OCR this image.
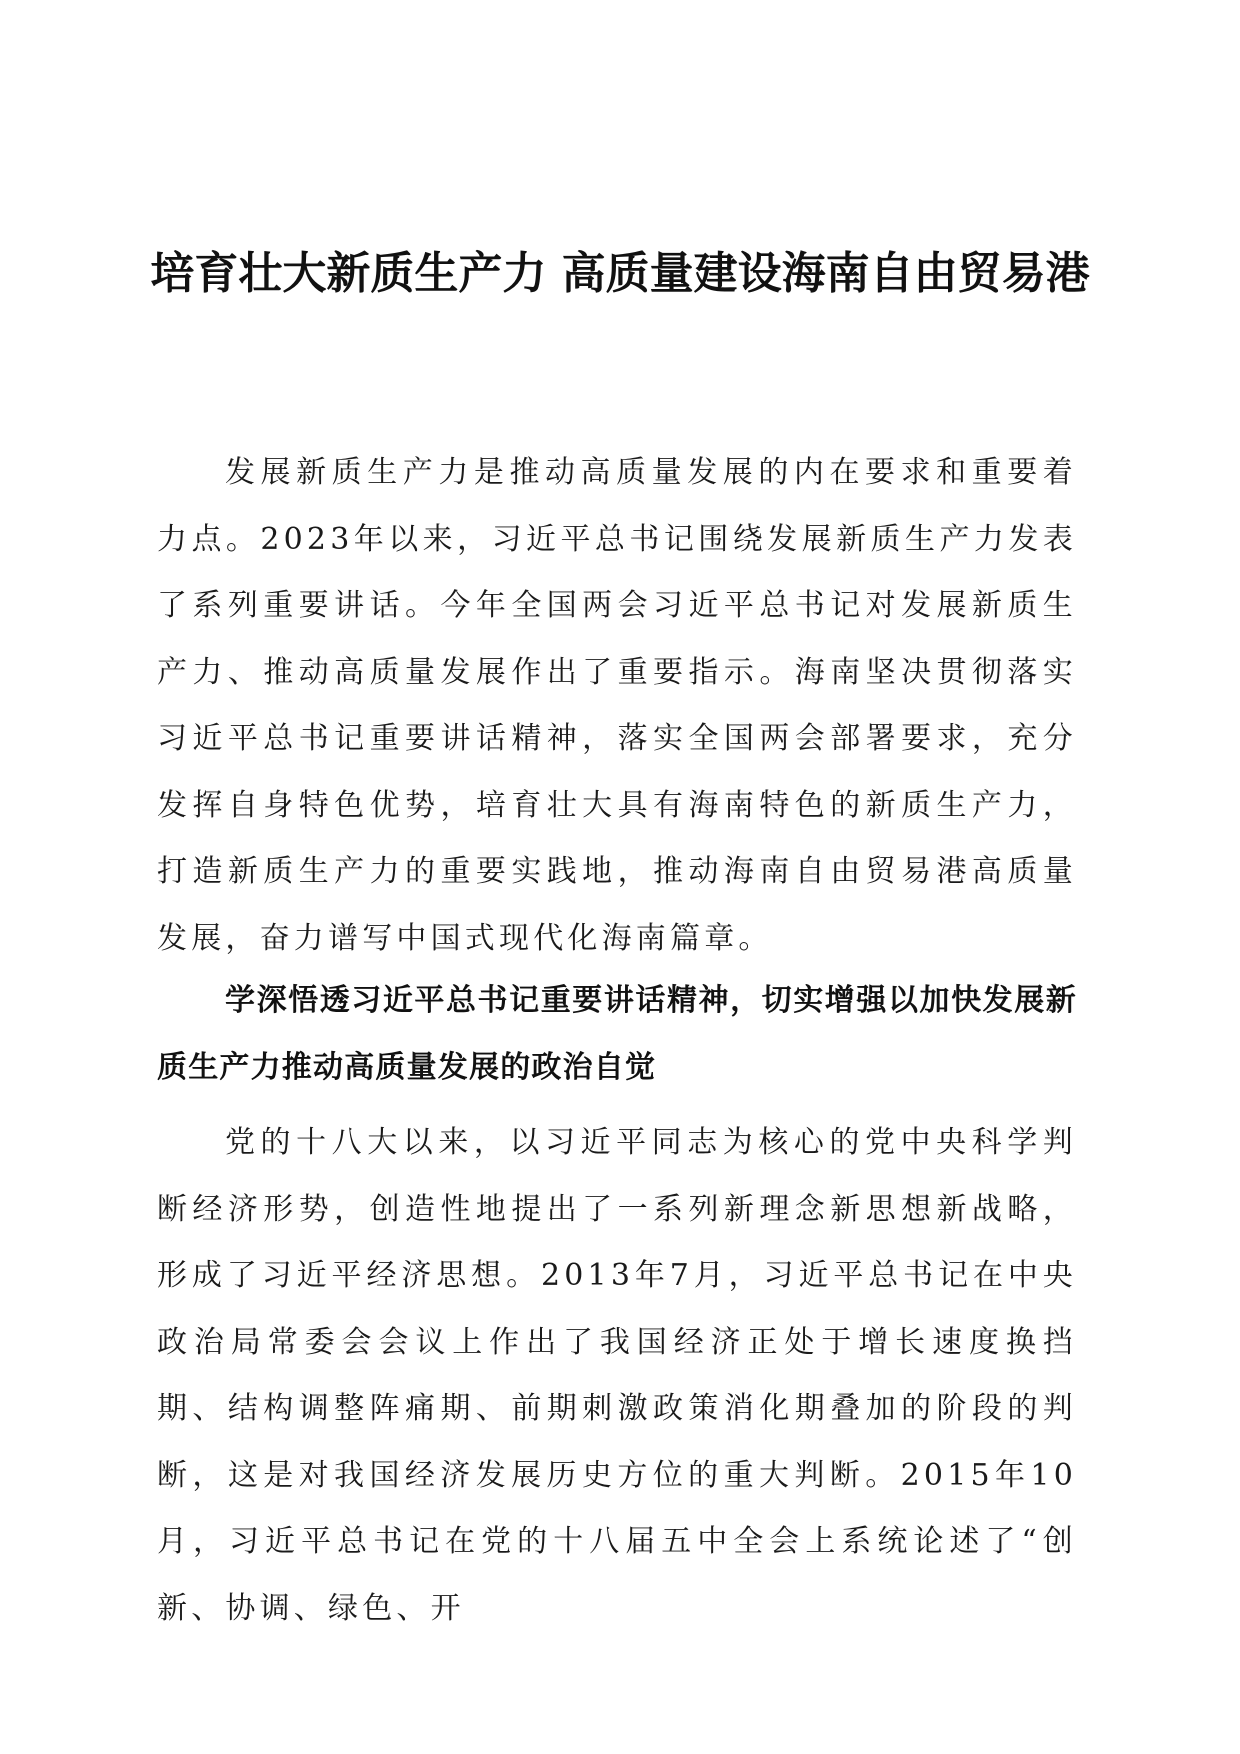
培育壮大新质生产力 高质量建设海南自由贸易港

发展新质生产力是推动高质量发展的内在要求和重要着力点。2023年以来，习近平总书记围绕发展新质生产力发表了系列重要讲话。今年全国两会习近平总书记对发展新质生产力、推动高质量发展作出了重要指示。海南坚决贯彻落实习近平总书记重要讲话精神，落实全国两会部署要求，充分发挥自身特色优势，培育壮大具有海南特色的新质生产力，打造新质生产力的重要实践地，推动海南自由贸易港高质量发展，奋力谱写中国式现代化海南篇章。

学深悟透习近平总书记重要讲话精神，切实增强以加快发展新质生产力推动高质量发展的政治自觉

党的十八大以来，以习近平同志为核心的党中央科学判断经济形势，创造性地提出了一系列新理念新思想新战略，形成了习近平经济思想。2013年7月，习近平总书记在中央政治局常委会会议上作出了我国经济正处于增长速度换挡期、结构调整阵痛期、前期刺激政策消化期叠加的阶段的判断，这是对我国经济发展历史方位的重大判断。2015年10月，习近平总书记在党的十八届五中全会上系统论述了“创新、协调、绿色、开
